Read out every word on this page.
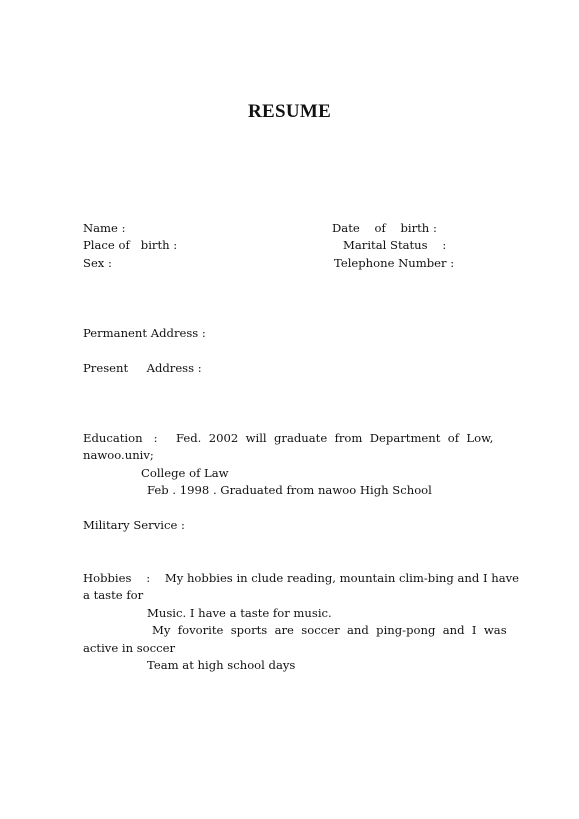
RESUME
Name :
Place of   birth :
Sex :
Date    of    birth :
Marital Status    :
Telephone Number :
Permanent Address :
Present     Address :
Education   :     Fed.  2002  will  graduate  from  Department  of  Low,
nawoo.univ;
College of Law
Feb . 1998 . Graduated from nawoo High School
Military Service :
Hobbies    :    My hobbies in clude reading, mountain clim-bing and I have
a taste for
Music. I have a taste for music.
My  fovorite  sports  are  soccer  and  ping-pong  and  I  was
active in soccer
Team at high school days
